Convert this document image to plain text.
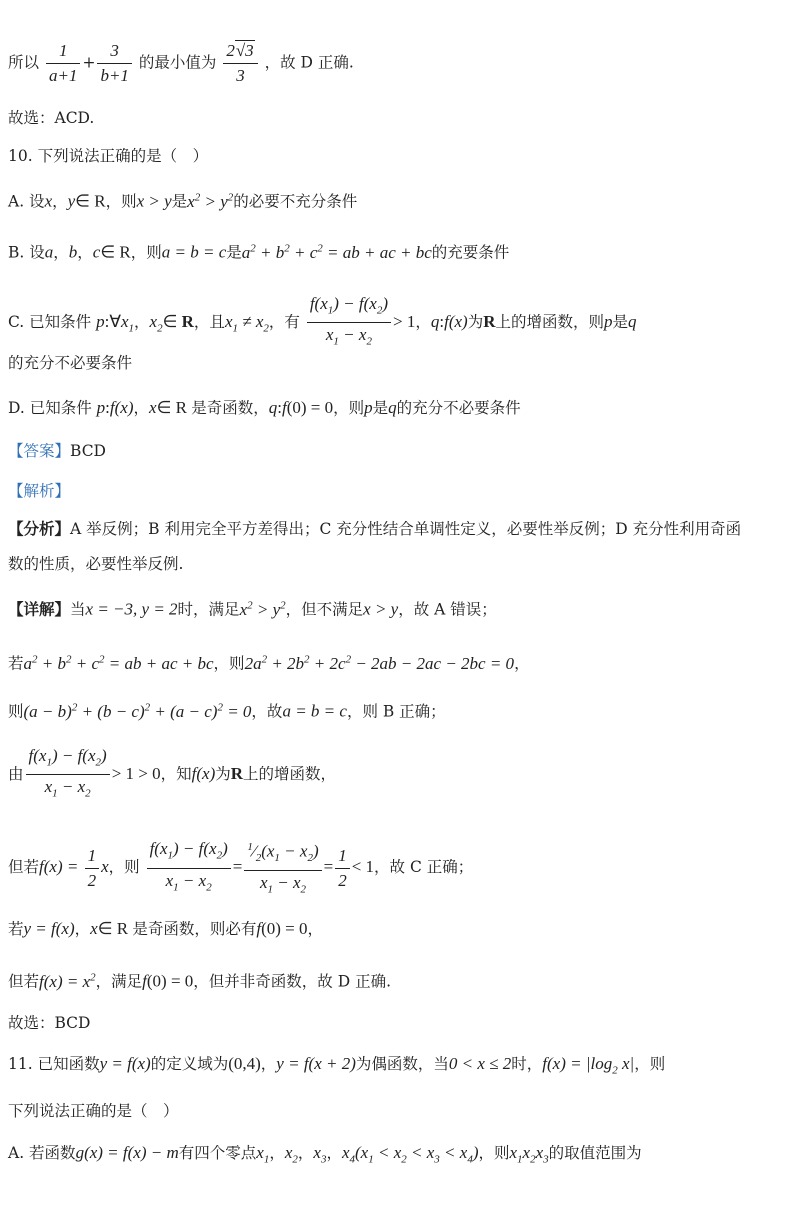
所以 $\frac{1}{a+1} + \frac{3}{b+1}$ 的最小值为 $\frac{2√3}{3}$ ，故 D 正确.
故选：ACD.
10. 下列说法正确的是（　）
A. 设x，y∈ R，则x > y是$x^2 > y^2$的必要不充分条件
B. 设a，b，c∈ R，则a = b = c是$a^2 + b^2 + c^2$ = ab + ac + bc的充要条件
C. 已知条件 $p:\forall x_1$，$x_2\in$ R，且$x_1 \ne x_2$，有 $\frac{f(x_1) - f(x_2)}{x_1 - x_2} > 1$，q:f(x)为R上的增函数，则p是q
的充分不必要条件
D. 已知条件 p:f(x)，x∈ R 是奇函数，q:f(0) = 0，则p是q的充分不必要条件
【答案】BCD
【解析】
【分析】A 举反例；B 利用完全平方差得出；C 充分性结合单调性定义，必要性举反例；D 充分性利用奇函
数的性质，必要性举反例.
【详解】当x = −3, y = 2时，满足$x^2 > y^2$，但不满足x > y，故 A 错误；
若$a^2 + b^2 + c^2$ = ab + ac + bc，则$2a^2 + 2b^2 + 2c^2 - 2ab - 2ac - 2bc = 0$，
则$(a - b)^2 + (b - c)^2 + (a - c)^2 = 0$，故a = b = c，则 B 正确；
由 $\frac{f(x_1) - f(x_2)}{x_1 - x_2} > 1 > 0$，知f(x)为R上的增函数，
但若$f(x) = \frac{1}{2}$ x，则 $\frac{f(x_1) - f(x_2)}{x_1 - x_2} = \frac{^1⁄_2(x_1 - x_2)}{x_1 - x_2} = \frac{1}{2} < 1$，故 C 正确；
若y = f(x)，x∈ R 是奇函数，则必有f(0) = 0，
但若$f(x) = x^2$，满足f(0) = 0，但并非奇函数，故 D 正确.
故选：BCD
11. 已知函数y = f(x)的定义域为(0,4)，y = f(x + 2)为偶函数，当0 < x ≤ 2时，$f(x) = |\log_2$ x|，则
下列说法正确的是（　）
A. 若函数g(x) = f(x) − m有四个零点$x_1$，$x_2$，$x_3$，$x_4(x_1 < x_2 < x_3 < x_4)$，则$x_1x_2x_3$的取值范围为
